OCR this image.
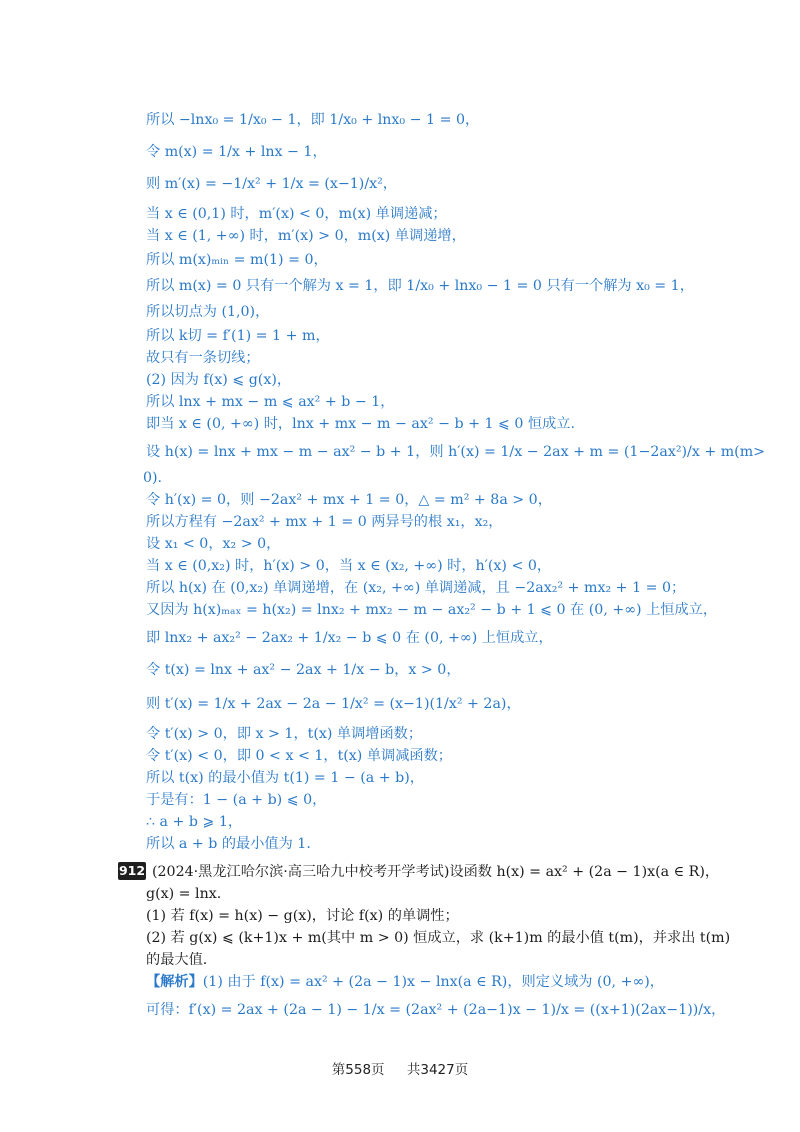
所以 −lnx₀ = 1/x₀ − 1，即 1/x₀ + lnx₀ − 1 = 0，
令 m(x) = 1/x + lnx − 1，
则 m′(x) = −1/x² + 1/x = (x−1)/x²，
当 x ∈ (0,1) 时，m′(x) < 0，m(x) 单调递减；
当 x ∈ (1, +∞) 时，m′(x) > 0，m(x) 单调递增，
所以 m(x)ₘᵢₙ = m(1) = 0，
所以 m(x) = 0 只有一个解为 x = 1，即 1/x₀ + lnx₀ − 1 = 0 只有一个解为 x₀ = 1，
所以切点为 (1,0)，
所以 k切 = f′(1) = 1 + m，
故只有一条切线；
(2) 因为 f(x) ⩽ g(x)，
所以 lnx + mx − m ⩽ ax² + b − 1，
即当 x ∈ (0, +∞) 时，lnx + mx − m − ax² − b + 1 ⩽ 0 恒成立.
设 h(x) = lnx + mx − m − ax² − b + 1，则 h′(x) = 1/x − 2ax + m = (1−2ax²)/x + m(m>
0).
令 h′(x) = 0，则 −2ax² + mx + 1 = 0，△ = m² + 8a > 0，
所以方程有 −2ax² + mx + 1 = 0 两异号的根 x₁，x₂，
设 x₁ < 0，x₂ > 0，
当 x ∈ (0,x₂) 时，h′(x) > 0，当 x ∈ (x₂, +∞) 时，h′(x) < 0，
所以 h(x) 在 (0,x₂) 单调递增，在 (x₂, +∞) 单调递减，且 −2ax₂² + mx₂ + 1 = 0；
又因为 h(x)ₘₐₓ = h(x₂) = lnx₂ + mx₂ − m − ax₂² − b + 1 ⩽ 0 在 (0, +∞) 上恒成立，
即 lnx₂ + ax₂² − 2ax₂ + 1/x₂ − b ⩽ 0 在 (0, +∞) 上恒成立，
令 t(x) = lnx + ax² − 2ax + 1/x − b，x > 0，
则 t′(x) = 1/x + 2ax − 2a − 1/x² = (x−1)(1/x² + 2a)，
令 t′(x) > 0，即 x > 1，t(x) 单调增函数；
令 t′(x) < 0，即 0 < x < 1，t(x) 单调减函数；
所以 t(x) 的最小值为 t(1) = 1 − (a + b)，
于是有：1 − (a + b) ⩽ 0，
∴ a + b ⩾ 1，
所以 a + b 的最小值为 1.
912 (2024·黑龙江哈尔滨·高三哈九中校考开学考试)设函数 h(x) = ax² + (2a − 1)x(a ∈ R)，
g(x) = lnx.
(1) 若 f(x) = h(x) − g(x)，讨论 f(x) 的单调性；
(2) 若 g(x) ⩽ (k+1)x + m(其中 m > 0) 恒成立，求 (k+1)m 的最小值 t(m)，并求出 t(m)
的最大值.
【解析】(1) 由于 f(x) = ax² + (2a − 1)x − lnx(a ∈ R)，则定义域为 (0, +∞)，
可得：f′(x) = 2ax + (2a − 1) − 1/x = (2ax² + (2a−1)x − 1)/x = ((x+1)(2ax−1))/x，
第558页 共3427页
